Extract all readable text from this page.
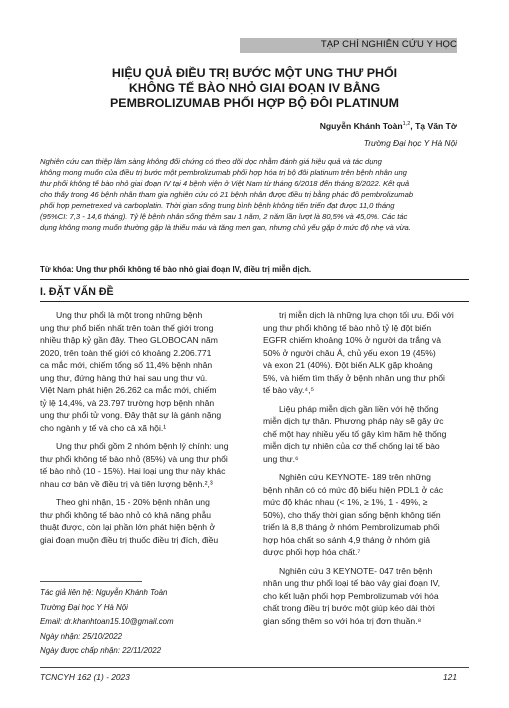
TẠP CHÍ NGHIÊN CỨU Y HỌC
HIỆU QUẢ ĐIỀU TRỊ BƯỚC MỘT UNG THƯ PHỔI
KHÔNG TẾ BÀO NHỎ GIAI ĐOẠN IV BẰNG
PEMBROLIZUMAB PHỐI HỢP BỘ ĐÔI PLATINUM
Nguyễn Khánh Toàn$^{1,2}$, Tạ Văn Tờ
Trường Đại học Y Hà Nội
Nghiên cứu can thiệp lâm sàng không đối chứng có theo dõi dọc nhằm đánh giá hiệu quả và tác dụng
không mong muốn của điều trị bước một pembrolizumab phối hợp hóa trị bộ đôi platinum trên bệnh nhân ung
thư phổi không tế bào nhỏ giai đoạn IV tại 4 bệnh viện ở Việt Nam từ tháng 6/2018 đến tháng 8/2022. Kết quả
cho thấy trong 46 bệnh nhân tham gia nghiên cứu có 21 bệnh nhân được điều trị bằng phác đồ pembrolizumab
phối hợp pemetrexed và carboplatin. Thời gian sống trung bình bệnh không tiến triển đạt được 11,0 tháng
(95%CI: 7,3 - 14,6 tháng). Tỷ lệ bệnh nhân sống thêm sau 1 năm, 2 năm lần lượt là 80,5% và 45,0%. Các tác
dụng không mong muốn thường gặp là thiếu máu và tăng men gan, nhưng chủ yếu gặp ở mức độ nhẹ và vừa.
Từ khóa: Ung thư phổi không tế bào nhỏ giai đoạn IV, điều trị miễn dịch.
I. ĐẶT VẤN ĐỀ
Ung thư phổi là một trong những bệnh
ung thư phổ biến nhất trên toàn thế giới trong
nhiều thập kỷ gần đây. Theo GLOBOCAN năm
2020, trên toàn thế giới có khoảng 2.206.771
ca mắc mới, chiếm tổng số 11,4% bệnh nhân
ung thư, đứng hàng thứ hai sau ung thư vú.
Việt Nam phát hiện 26.262 ca mắc mới, chiếm
tỷ lệ 14,4%, và 23.797 trường hợp bệnh nhân
ung thư phổi tử vong. Đây thật sự là gánh nặng
cho ngành y tế và cho cả xã hội.¹
Ung thư phổi gồm 2 nhóm bệnh lý chính: ung
thư phổi không tế bào nhỏ (85%) và ung thư phổi
tế bào nhỏ (10 - 15%). Hai loại ung thư này khác
nhau cơ bản về điều trị và tiên lượng bệnh.²,³
Theo ghi nhận, 15 - 20% bệnh nhân ung
thư phổi không tế bào nhỏ có khả năng phẫu
thuật được, còn lại phần lớn phát hiện bệnh ở
giai đoạn muộn điều trị thuốc điều trị đích, điều
trị miễn dịch là những lựa chọn tối ưu. Đối với
ung thư phổi không tế bào nhỏ tỷ lệ đột biến
EGFR chiếm khoảng 10% ở người da trắng và
50% ở người châu Á, chủ yếu exon 19 (45%)
và exon 21 (40%). Đột biến ALK gặp khoảng
5%, và hiếm tìm thấy ở bệnh nhân ung thư phổi
tế bào vảy.⁴,⁵
Liệu pháp miễn dịch gần liền với hệ thống
miễn dịch tự thân. Phương pháp này sẽ gây ức
chế một hay nhiều yếu tố gây kìm hãm hệ thống
miễn dịch tự nhiên của cơ thể chống lại tế bào
ung thư.⁶
Nghiên cứu KEYNOTE- 189 trên những
bệnh nhân có có mức độ biểu hiện PDL1 ở các
mức độ khác nhau (< 1%, ≥ 1%, 1 - 49%, ≥
50%), cho thấy thời gian sống bệnh không tiến
triển là 8,8 tháng ở nhóm Pembrolizumab phối
hợp hóa chất so sánh 4,9 tháng ở nhóm giả
dược phối hợp hóa chất.⁷
Nghiên cứu 3 KEYNOTE- 047 trên bệnh
nhân ung thư phổi loại tế bào vảy giai đoạn IV,
cho kết luận phối hợp Pembrolizumab với hóa
chất trong điều trị bước một giúp kéo dài thời
gian sống thêm so với hóa trị đơn thuần.⁸
Tác giả liên hệ: Nguyễn Khánh Toàn
Trường Đại học Y Hà Nội
Email: dr.khanhtoan15.10@gmail.com
Ngày nhận: 25/10/2022
Ngày được chấp nhận: 22/11/2022
TCNCYH 162 (1) - 2023	121
